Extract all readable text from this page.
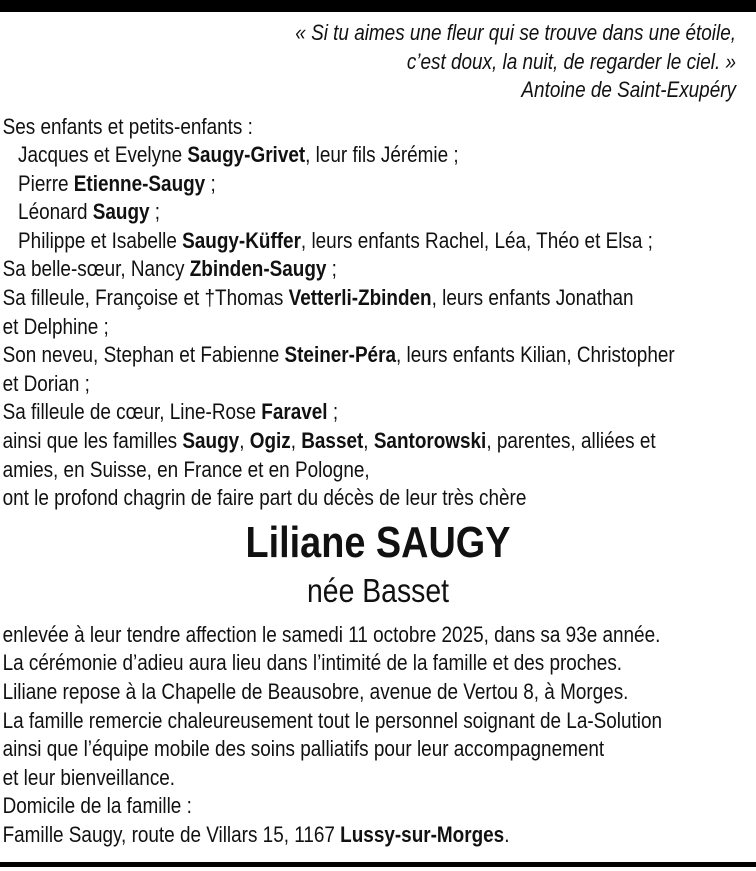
« Si tu aimes une fleur qui se trouve dans une étoile,
c’est doux, la nuit, de regarder le ciel. »
Antoine de Saint-Exupéry
Ses enfants et petits-enfants :
Jacques et Evelyne Saugy-Grivet, leur fils Jérémie ;
Pierre Etienne-Saugy ;
Léonard Saugy ;
Philippe et Isabelle Saugy-Küffer, leurs enfants Rachel, Léa, Théo et Elsa ;
Sa belle-sœur, Nancy Zbinden-Saugy ;
Sa filleule, Françoise et †Thomas Vetterli-Zbinden, leurs enfants Jonathan
et Delphine ;
Son neveu, Stephan et Fabienne Steiner-Péra, leurs enfants Kilian, Christopher
et Dorian ;
Sa filleule de cœur, Line-Rose Faravel ;
ainsi que les familles Saugy, Ogiz, Basset, Santorowski, parentes, alliées et
amies, en Suisse, en France et en Pologne,
ont le profond chagrin de faire part du décès de leur très chère
Liliane SAUGY
née Basset
enlevée à leur tendre affection le samedi 11 octobre 2025, dans sa 93e année.
La cérémonie d’adieu aura lieu dans l’intimité de la famille et des proches.
Liliane repose à la Chapelle de Beausobre, avenue de Vertou 8, à Morges.
La famille remercie chaleureusement tout le personnel soignant de La-Solution
ainsi que l’équipe mobile des soins palliatifs pour leur accompagnement
et leur bienveillance.
Domicile de la famille :
Famille Saugy, route de Villars 15, 1167 Lussy-sur-Morges.
